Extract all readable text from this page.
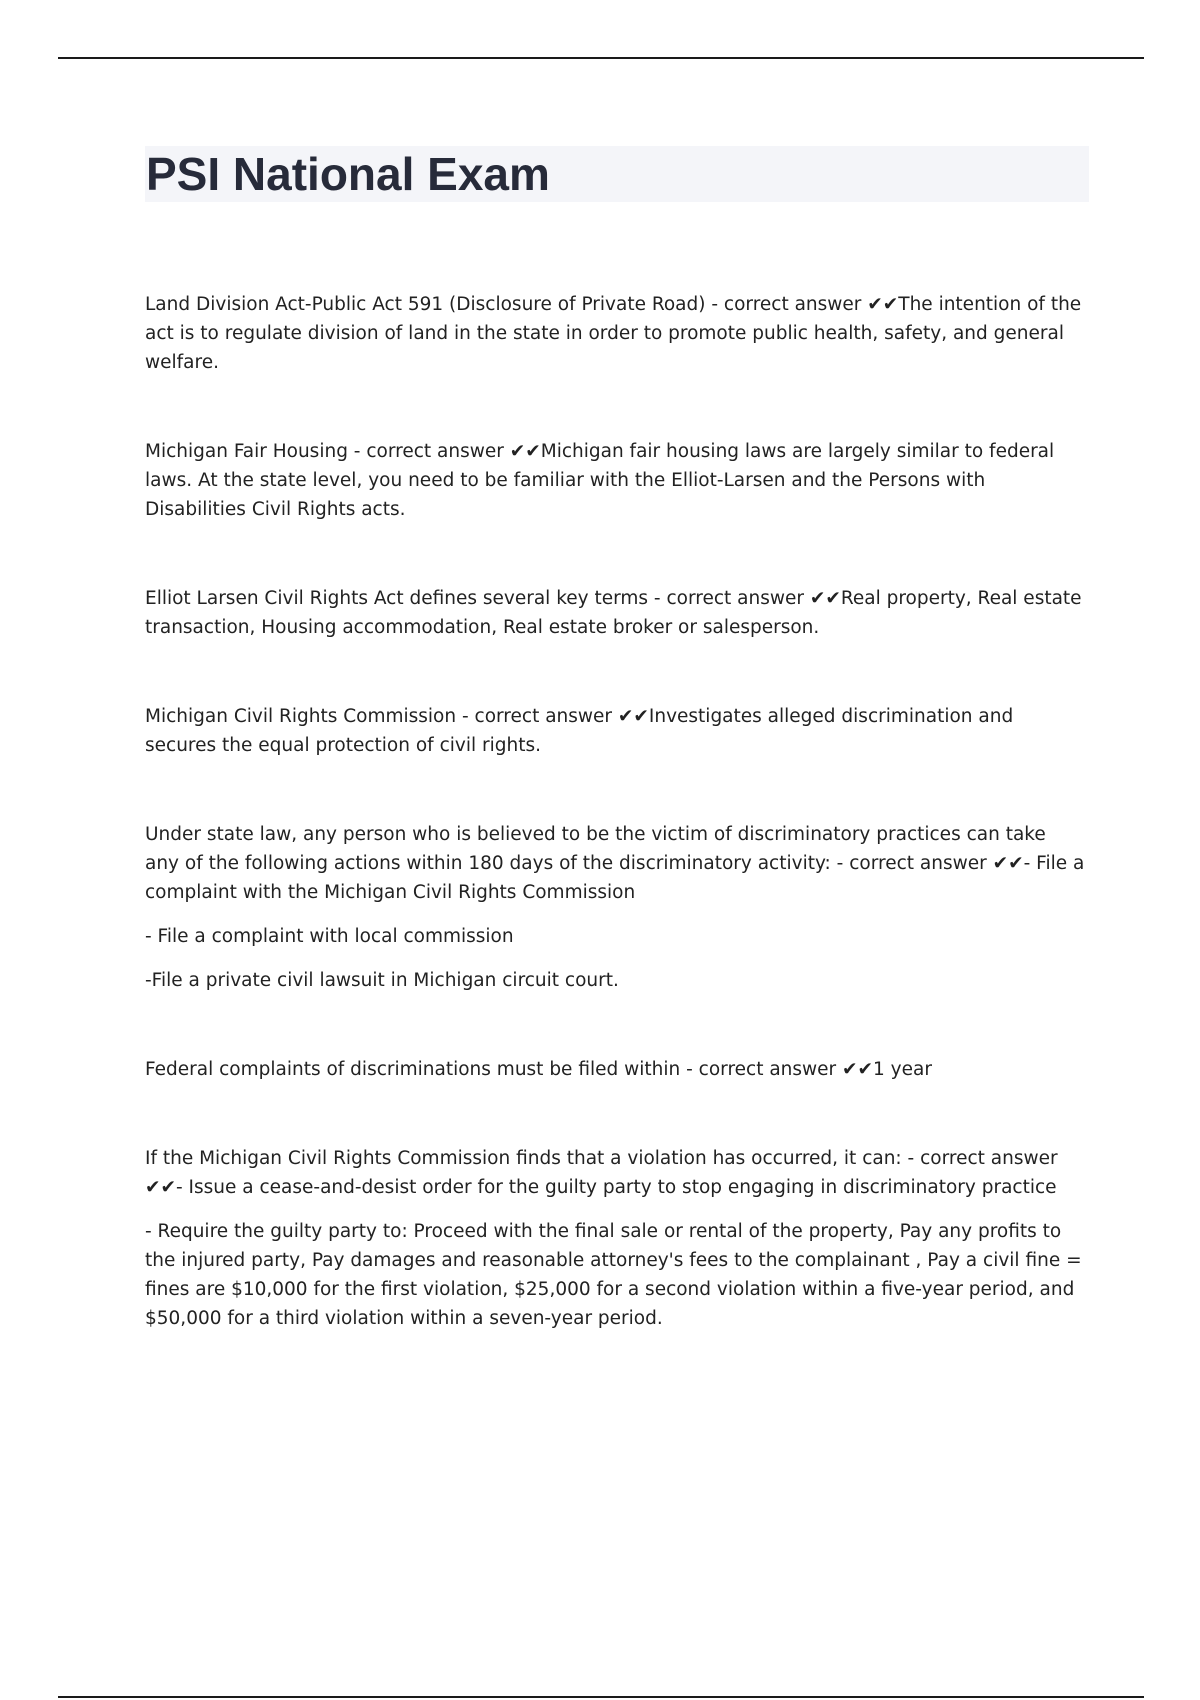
PSI National Exam

Land Division Act-Public Act 591 (Disclosure of Private Road) - correct answer ✔✔The intention of the act is to regulate division of land in the state in order to promote public health, safety, and general welfare.

Michigan Fair Housing - correct answer ✔✔Michigan fair housing laws are largely similar to federal laws. At the state level, you need to be familiar with the Elliot-Larsen and the Persons with Disabilities Civil Rights acts.

Elliot Larsen Civil Rights Act defines several key terms - correct answer ✔✔Real property, Real estate transaction, Housing accommodation, Real estate broker or salesperson.

Michigan Civil Rights Commission - correct answer ✔✔Investigates alleged discrimination and secures the equal protection of civil rights.

Under state law, any person who is believed to be the victim of discriminatory practices can take any of the following actions within 180 days of the discriminatory activity: - correct answer ✔✔- File a complaint with the Michigan Civil Rights Commission

- File a complaint with local commission

-File a private civil lawsuit in Michigan circuit court.

Federal complaints of discriminations must be filed within - correct answer ✔✔1 year

If the Michigan Civil Rights Commission finds that a violation has occurred, it can: - correct answer ✔✔- Issue a cease-and-desist order for the guilty party to stop engaging in discriminatory practice

- Require the guilty party to: Proceed with the final sale or rental of the property, Pay any profits to the injured party, Pay damages and reasonable attorney's fees to the complainant , Pay a civil fine = fines are $10,000 for the first violation, $25,000 for a second violation within a five-year period, and $50,000 for a third violation within a seven-year period.
